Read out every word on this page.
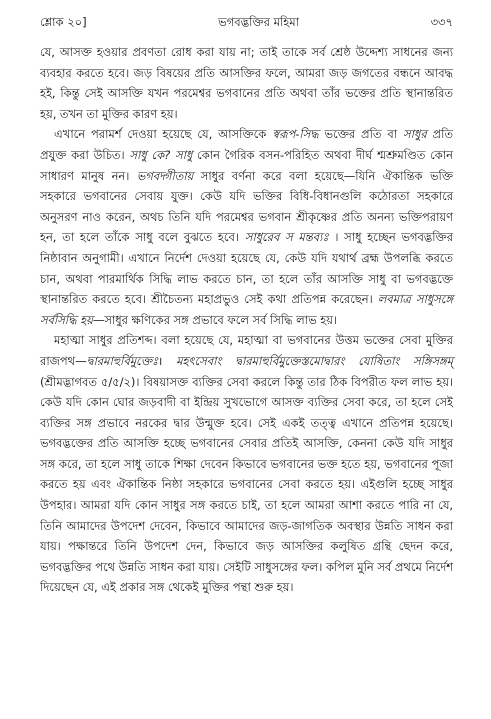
শ্লোক ২০]	ভগবদ্ভক্তির মহিমা	৩৩৭

যে, আসক্ত হওয়ার প্রবণতা রোধ করা যায় না; তাই তাকে সর্ব শ্রেষ্ঠ উদ্দেশ্য সাধনের জন্য ব্যবহার করতে হবে। জড় বিষয়ের প্রতি আসক্তির ফলে, আমরা জড় জগতের বন্ধনে আবদ্ধ হই, কিন্তু সেই আসক্তি যখন পরমেশ্বর ভগবানের প্রতি অথবা তাঁর ভক্তের প্রতি স্থানান্তরিত হয়, তখন তা মুক্তির কারণ হয়।

এখানে পরামর্শ দেওয়া হয়েছে যে, আসক্তিকে স্বরূপ-সিদ্ধ ভক্তের প্রতি বা সাধুর প্রতি প্রযুক্ত করা উচিত। সাধু কে? সাধু কোন গৈরিক বসন-পরিহিত অথবা দীর্ঘ শ্মশ্রুমণ্ডিত কোন সাধারণ মানুষ নন। ভগবদ্গীতায় সাধুর বর্ণনা করে বলা হয়েছে—যিনি ঐকান্তিক ভক্তি সহকারে ভগবানের সেবায় যুক্ত। কেউ যদি ভক্তির বিধি-বিধানগুলি কঠোরতা সহকারে অনুসরণ নাও করেন, অথচ তিনি যদি পরমেশ্বর ভগবান শ্রীকৃষ্ণের প্রতি অনন্য ভক্তিপরায়ণ হন, তা হলে তাঁকে সাধু বলে বুঝতে হবে। সাধুরেব স মন্তব্যঃ । সাধু হচ্ছেন ভগবদ্ভক্তির নিষ্ঠাবান অনুগামী। এখানে নির্দেশ দেওয়া হয়েছে যে, কেউ যদি যথার্থ ব্রহ্ম উপলব্ধি করতে চান, অথবা পারমার্থিক সিদ্ধি লাভ করতে চান, তা হলে তাঁর আসক্তি সাধু বা ভগবদ্ভক্তে স্থানান্তরিত করতে হবে। শ্রীচৈতন্য মহাপ্রভুও সেই কথা প্রতিপন্ন করেছেন। লবমাত্র সাধুসঙ্গে সর্বসিদ্ধি হয়—সাধুর ক্ষণিকের সঙ্গ প্রভাবে ফলে সর্ব সিদ্ধি লাভ হয়।

মহাত্মা সাধুর প্রতিশব্দ। বলা হয়েছে যে, মহাত্মা বা ভগবানের উত্তম ভক্তের সেবা মুক্তির রাজপথ—দ্বারমাহুর্বিমুক্তেঃ। মহৎসেবাং দ্বারমাহুর্বিমুক্তেস্তমোদ্বারং যোষিতাং সঙ্গিসঙ্গম্ (শ্রীমদ্ভাগবত ৫/৫/২)। বিষয়াসক্ত ব্যক্তির সেবা করলে কিন্তু তার ঠিক বিপরীত ফল লাভ হয়। কেউ যদি কোন ঘোর জড়বাদী বা ইন্দ্রিয় সুখভোগে আসক্ত ব্যক্তির সেবা করে, তা হলে সেই ব্যক্তির সঙ্গ প্রভাবে নরকের দ্বার উন্মুক্ত হবে। সেই একই তত্ত্ব এখানে প্রতিপন্ন হয়েছে। ভগবদ্ভক্তের প্রতি আসক্তি হচ্ছে ভগবানের সেবার প্রতিই আসক্তি, কেননা কেউ যদি সাধুর সঙ্গ করে, তা হলে সাধু তাকে শিক্ষা দেবেন কিভাবে ভগবানের ভক্ত হতে হয়, ভগবানের পূজা করতে হয় এবং ঐকান্তিক নিষ্ঠা সহকারে ভগবানের সেবা করতে হয়। এইগুলি হচ্ছে সাধুর উপহার। আমরা যদি কোন সাধুর সঙ্গ করতে চাই, তা হলে আমরা আশা করতে পারি না যে, তিনি আমাদের উপদেশ দেবেন, কিভাবে আমাদের জড়-জাগতিক অবস্থার উন্নতি সাধন করা যায়। পক্ষান্তরে তিনি উপদেশ দেন, কিভাবে জড় আসক্তির কলুষিত গ্রন্থি ছেদন করে, ভগবদ্ভক্তির পথে উন্নতি সাধন করা যায়। সেইটি সাধুসঙ্গের ফল। কপিল মুনি সর্ব প্রথমে নির্দেশ দিয়েছেন যে, এই প্রকার সঙ্গ থেকেই মুক্তির পন্থা শুরু হয়।
